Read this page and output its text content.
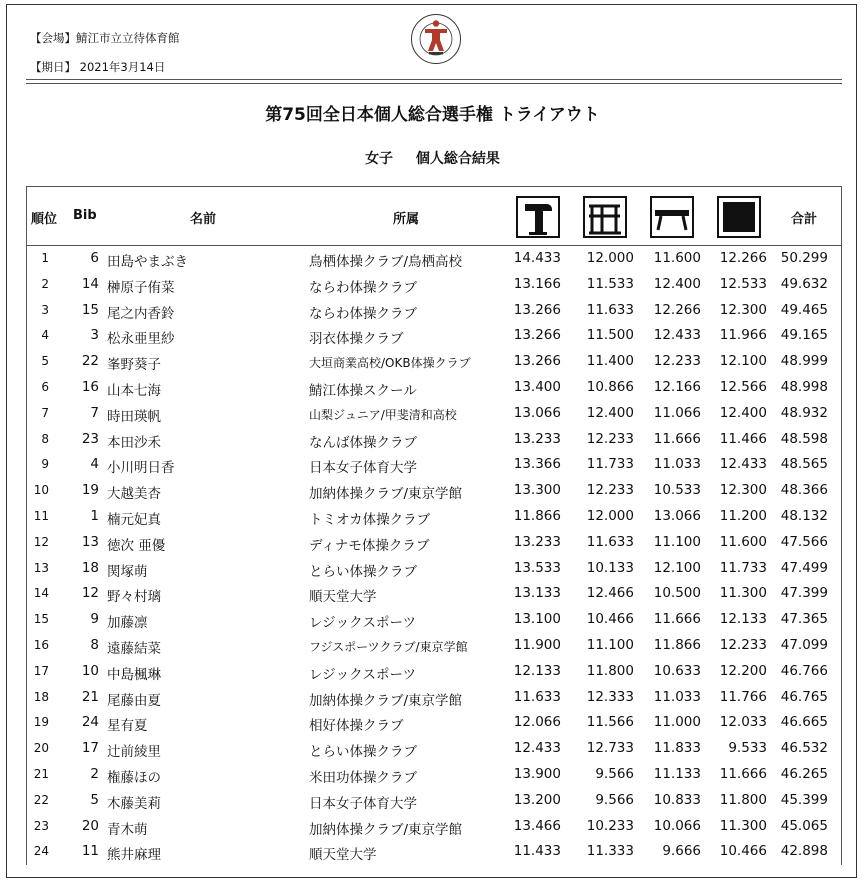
【会場】鯖江市立立待体育館
【期日】 2021年3月14日
第75回全日本個人総合選手権 トライアウト
女子 個人総合結果
順位 Bib	名前	所属	合計
1	6 田島やまぶき	鳥栖体操クラブ/鳥栖高校	14.433	12.000	11.600	12.266	50.299
2	14 榊原子侑菜	ならわ体操クラブ	13.166	11.533	12.400	12.533	49.632
3	15 尾之内香鈴	ならわ体操クラブ	13.266	11.633	12.266	12.300	49.465
4	3 松永亜里紗	羽衣体操クラブ	13.266	11.500	12.433	11.966	49.165
5	22 峯野葵子	大垣商業高校/OKB体操クラブ	13.266	11.400	12.233	12.100	48.999
6	16 山本七海	鯖江体操スクール	13.400	10.866	12.166	12.566	48.998
7	7 時田瑛帆	山梨ジュニア/甲斐清和高校	13.066	12.400	11.066	12.400	48.932
8	23 本田沙禾	なんば体操クラブ	13.233	12.233	11.666	11.466	48.598
9	4 小川明日香	日本女子体育大学	13.366	11.733	11.033	12.433	48.565
10	19 大越美杏	加納体操クラブ/東京学館	13.300	12.233	10.533	12.300	48.366
11	1 楠元妃真	トミオカ体操クラブ	11.866	12.000	13.066	11.200	48.132
12	13 徳次 亜優	ディナモ体操クラブ	13.233	11.633	11.100	11.600	47.566
13	18 関塚萌	とらい体操クラブ	13.533	10.133	12.100	11.733	47.499
14	12 野々村璃	順天堂大学	13.133	12.466	10.500	11.300	47.399
15	9 加藤凛	レジックスポーツ	13.100	10.466	11.666	12.133	47.365
16	8 遠藤結菜	フジスポーツクラブ/東京学館	11.900	11.100	11.866	12.233	47.099
17	10 中島楓琳	レジックスポーツ	12.133	11.800	10.633	12.200	46.766
18	21 尾藤由夏	加納体操クラブ/東京学館	11.633	12.333	11.033	11.766	46.765
19	24 星有夏	相好体操クラブ	12.066	11.566	11.000	12.033	46.665
20	17 辻前綾里	とらい体操クラブ	12.433	12.733	11.833	9.533	46.532
21	2 権藤ほの	米田功体操クラブ	13.900	9.566	11.133	11.666	46.265
22	5 木藤美莉	日本女子体育大学	13.200	9.566	10.833	11.800	45.399
23	20 青木萌	加納体操クラブ/東京学館	13.466	10.233	10.066	11.300	45.065
24	11 熊井麻理	順天堂大学	11.433	11.333	9.666	10.466	42.898
